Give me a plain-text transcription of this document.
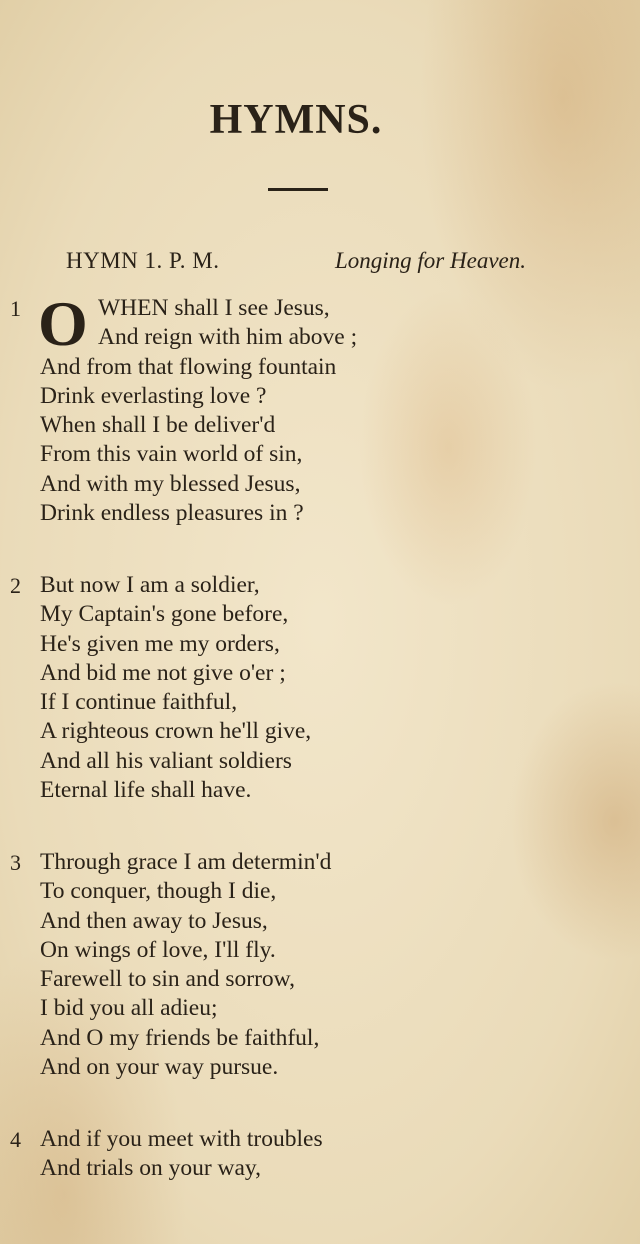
HYMNS.
HYMN 1. P. M.	Longing for Heaven.
1 O WHEN shall I see Jesus,
And reign with him above ;
And from that flowing fountain
Drink everlasting love ?
When shall I be deliver'd
From this vain world of sin,
And with my blessed Jesus,
Drink endless pleasures in ?
2 But now I am a soldier,
My Captain's gone before,
He's given me my orders,
And bid me not give o'er ;
If I continue faithful,
A righteous crown he'll give,
And all his valiant soldiers
Eternal life shall have.
3 Through grace I am determin'd
To conquer, though I die,
And then away to Jesus,
On wings of love, I'll fly.
Farewell to sin and sorrow,
I bid you all adieu;
And O my friends be faithful,
And on your way pursue.
4 And if you meet with troubles
And trials on your way,
